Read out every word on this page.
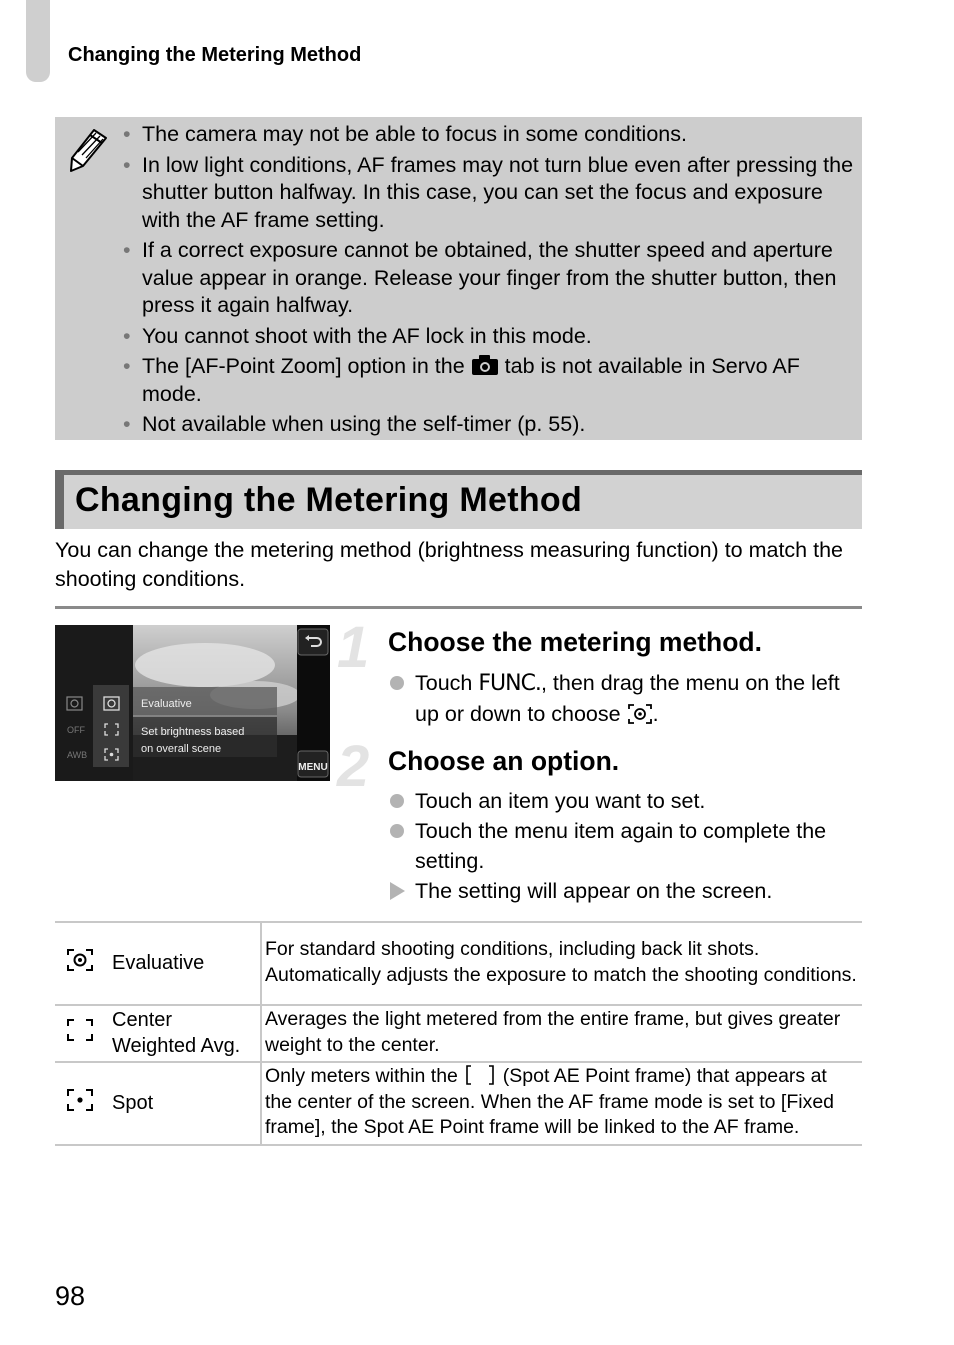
Changing the Metering Method
• The camera may not be able to focus in some conditions.
• In low light conditions, AF frames may not turn blue even after pressing the shutter button halfway. In this case, you can set the focus and exposure with the AF frame setting.
• If a correct exposure cannot be obtained, the shutter speed and aperture value appear in orange. Release your finger from the shutter button, then press it again halfway.
• You cannot shoot with the AF lock in this mode.
• The [AF-Point Zoom] option in the tab is not available in Servo AF mode.
• Not available when using the self-timer (p. 55).
Changing the Metering Method

You can change the metering method (brightness measuring function) to match the shooting conditions.

MENU
Evaluative
Set brightness based
on overall scene
OFF
AWB
1 Choose the metering method.
Touch FUNC., then drag the menu on the left up or down to choose .
2 Choose an option.
Touch an item you want to set.
Touch the menu item again to complete the setting.
The setting will appear on the screen.
	Evaluative	For standard shooting conditions, including back lit shots. Automatically adjusts the exposure to match the shooting conditions.
	Center Weighted Avg.	Averages the light metered from the entire frame, but gives greater weight to the center.
	Spot	Only meters within the (Spot AE Point frame) that appears at the center of the screen. When the AF frame mode is set to [Fixed frame], the Spot AE Point frame will be linked to the AF frame.
98
